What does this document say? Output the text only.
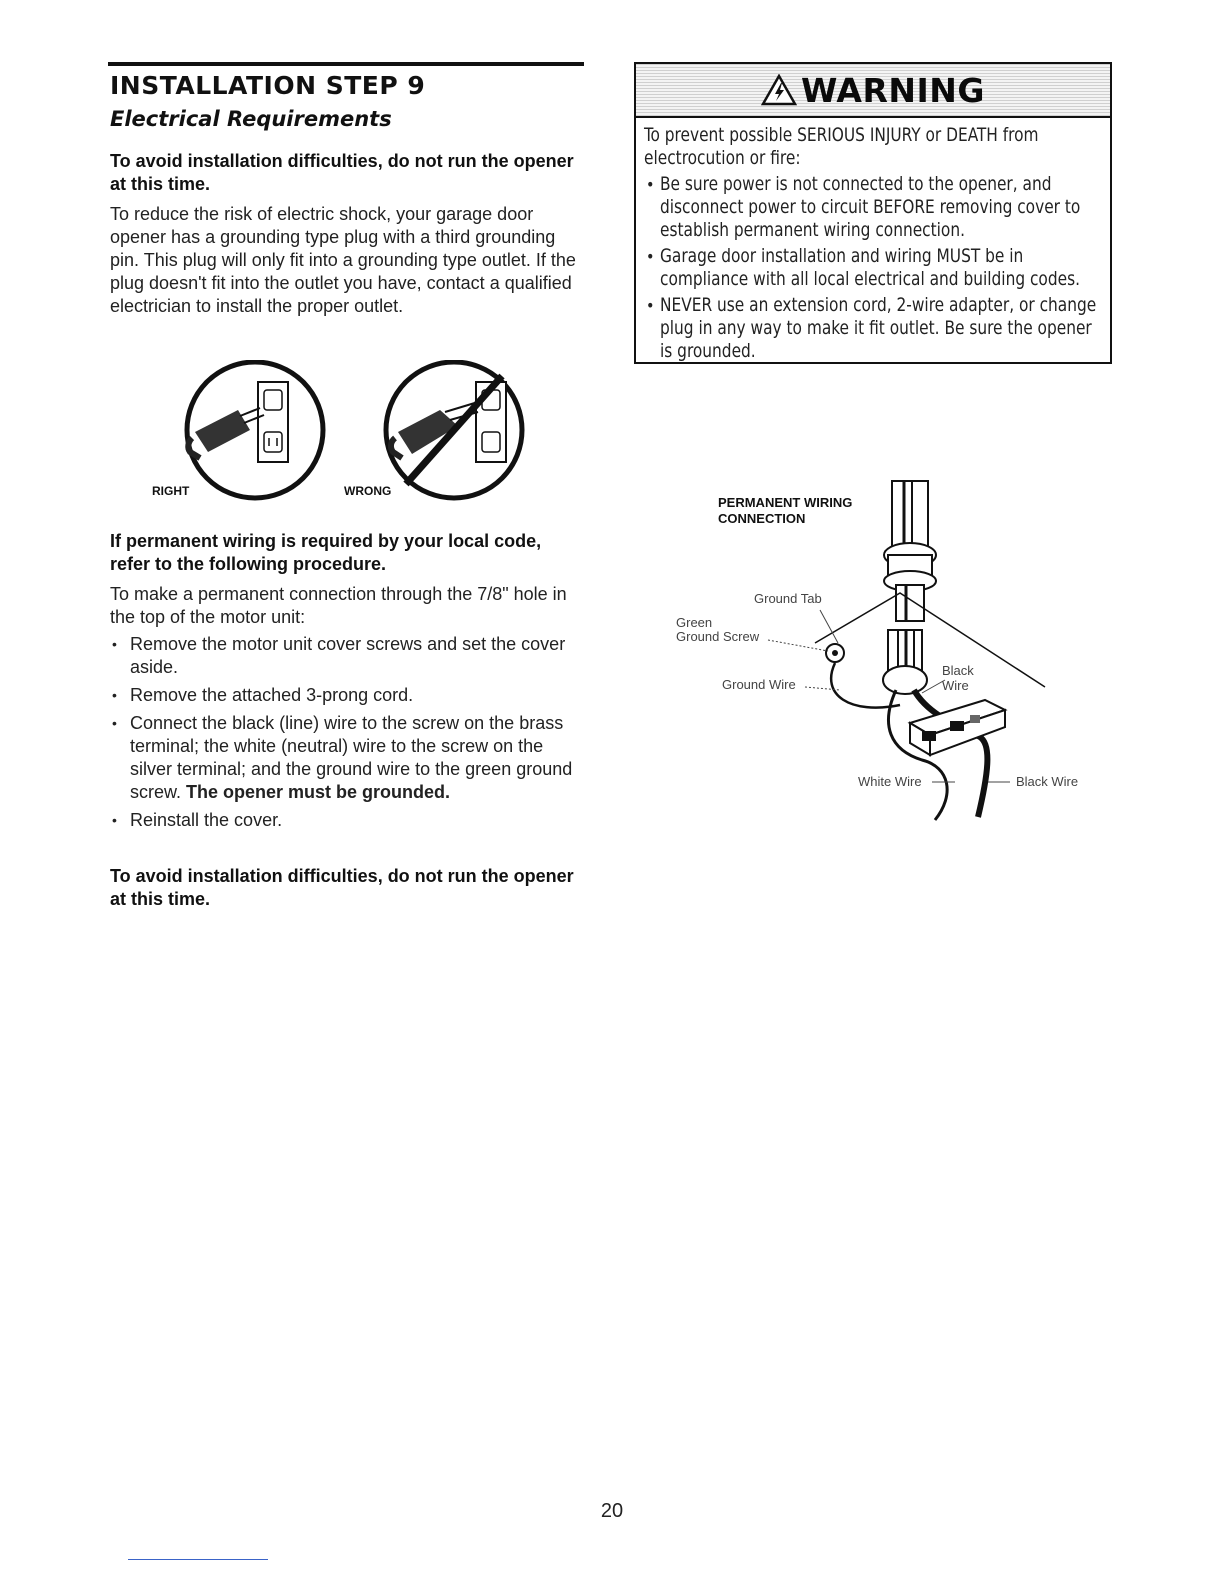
INSTALLATION STEP 9
Electrical Requirements

To avoid installation difficulties, do not run the opener at this time.

To reduce the risk of electric shock, your garage door opener has a grounding type plug with a third grounding pin. This plug will only fit into a grounding type outlet. If the plug doesn't fit into the outlet you have, contact a qualified electrician to install the proper outlet.

RIGHT	WRONG

If permanent wiring is required by your local code, refer to the following procedure.

To make a permanent connection through the 7/8" hole in the top of the motor unit:

• Remove the motor unit cover screws and set the cover aside.
• Remove the attached 3-prong cord.
• Connect the black (line) wire to the screw on the brass terminal; the white (neutral) wire to the screw on the silver terminal; and the ground wire to the green ground screw. The opener must be grounded.
• Reinstall the cover.

To avoid installation difficulties, do not run the opener at this time.

WARNING

To prevent possible SERIOUS INJURY or DEATH from electrocution or fire:

• Be sure power is not connected to the opener, and disconnect power to circuit BEFORE removing cover to establish permanent wiring connection.
• Garage door installation and wiring MUST be in compliance with all local electrical and building codes.
• NEVER use an extension cord, 2-wire adapter, or change plug in any way to make it fit outlet. Be sure the opener is grounded.
PERMANENT WIRING CONNECTION
Ground Tab
Green
Ground Screw
Ground Wire
Black Wire
White Wire	Black Wire
20
